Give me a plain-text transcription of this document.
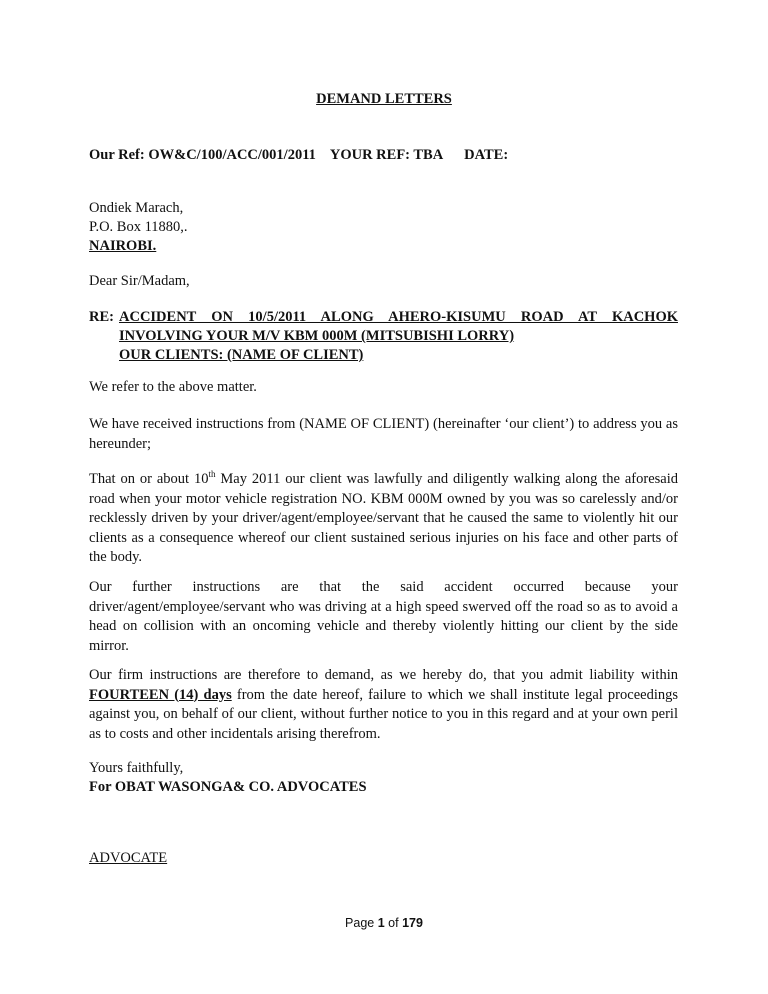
DEMAND LETTERS
Our Ref: OW&C/100/ACC/001/2011 YOUR REF: TBA DATE:
Ondiek Marach,
P.O. Box 11880,.
NAIROBI.
Dear Sir/Madam,
RE: ACCIDENT ON 10/5/2011 ALONG AHERO-KISUMU ROAD AT KACHOK
INVOLVING YOUR M/V KBM 000M (MITSUBISHI LORRY)
OUR CLIENTS: (NAME OF CLIENT)

We refer to the above matter.

We have received instructions from (NAME OF CLIENT) (hereinafter ‘our client’) to address you as hereunder;

That on or about 10th May 2011 our client was lawfully and diligently walking along the aforesaid road when your motor vehicle registration NO. KBM 000M owned by you was so carelessly and/or recklessly driven by your driver/agent/employee/servant that he caused the same to violently hit our clients as a consequence whereof our client sustained serious injuries on his face and other parts of the body.

Our further instructions are that the said accident occurred because your driver/agent/employee/servant who was driving at a high speed swerved off the road so as to avoid a head on collision with an oncoming vehicle and thereby violently hitting our client by the side mirror.

Our firm instructions are therefore to demand, as we hereby do, that you admit liability within FOURTEEN (14) days from the date hereof, failure to which we shall institute legal proceedings against you, on behalf of our client, without further notice to you in this regard and at your own peril as to costs and other incidentals arising therefrom.

Yours faithfully,
For OBAT WASONGA& CO. ADVOCATES
ADVOCATE
Page 1 of 179
